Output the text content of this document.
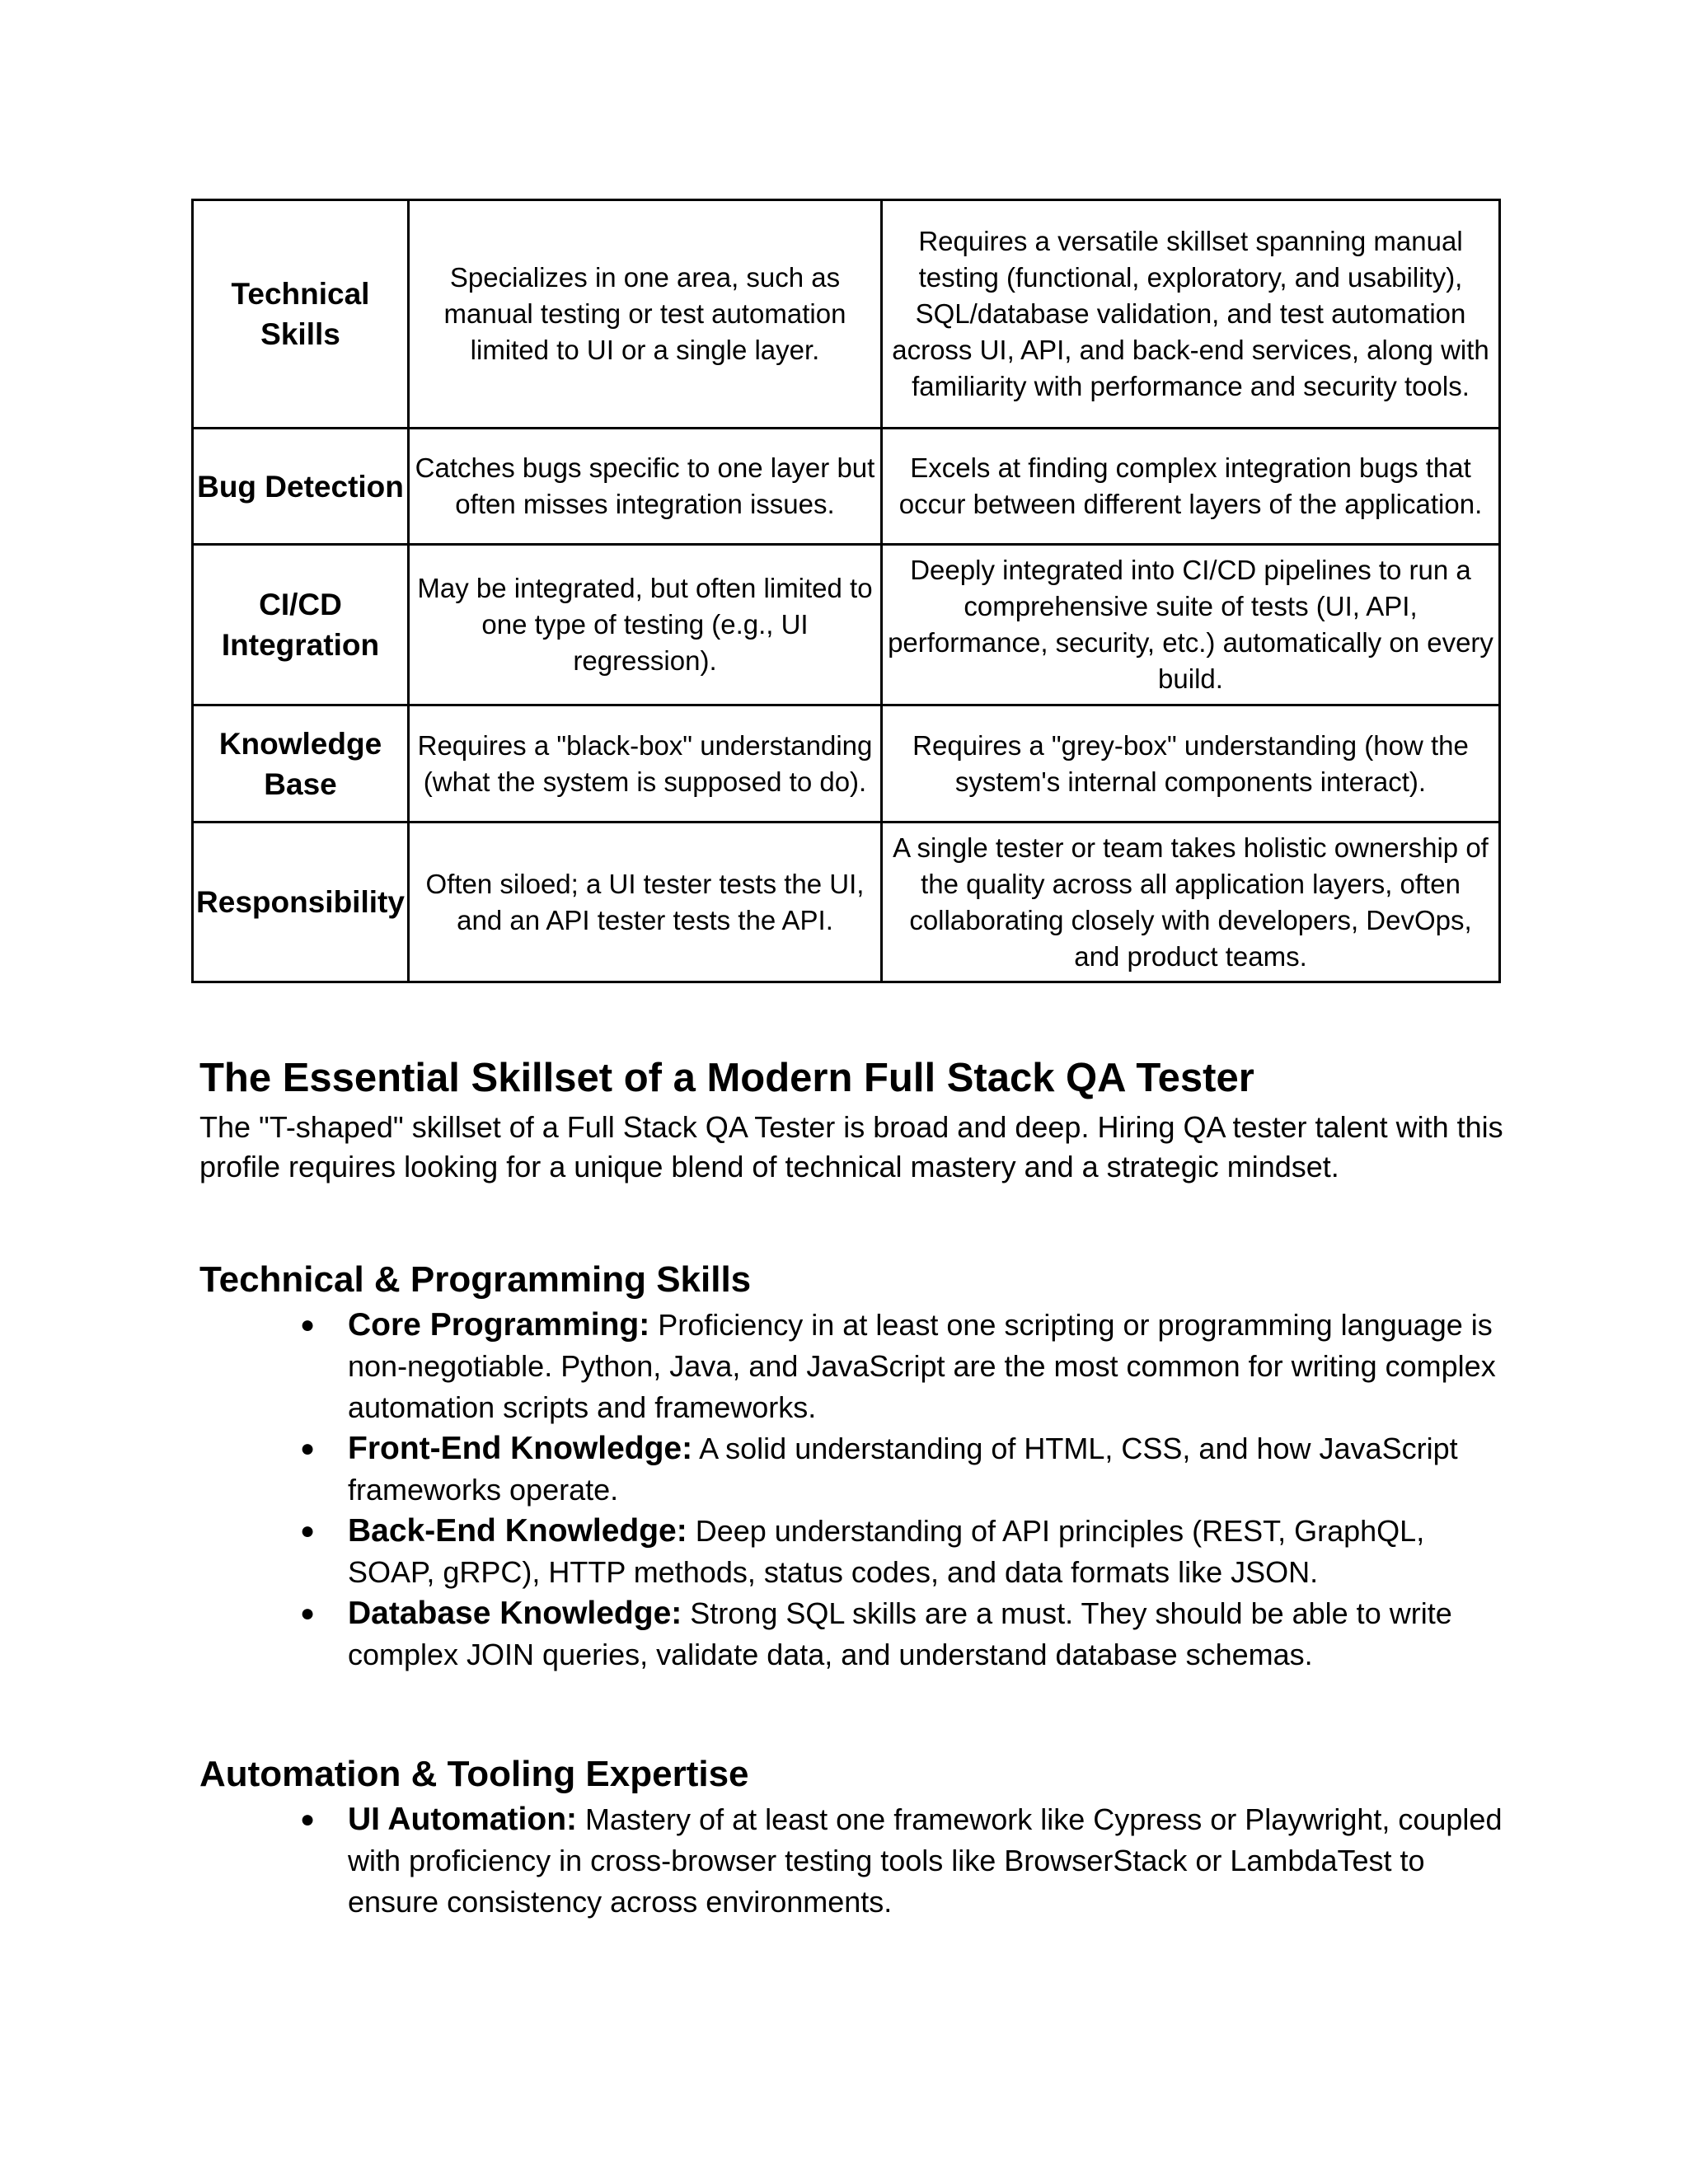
Technical Skills	Specializes in one area, such as manual testing or test automation limited to UI or a single layer.	Requires a versatile skillset spanning manual testing (functional, exploratory, and usability), SQL/database validation, and test automation across UI, API, and back-end services, along with familiarity with performance and security tools.
Bug Detection	Catches bugs specific to one layer but often misses integration issues.	Excels at finding complex integration bugs that occur between different layers of the application.
CI/CD Integration	May be integrated, but often limited to one type of testing (e.g., UI regression).	Deeply integrated into CI/CD pipelines to run a comprehensive suite of tests (UI, API, performance, security, etc.) automatically on every build.
Knowledge Base	Requires a "black-box" understanding (what the system is supposed to do).	Requires a "grey-box" understanding (how the system's internal components interact).
Responsibility	Often siloed; a UI tester tests the UI, and an API tester tests the API.	A single tester or team takes holistic ownership of the quality across all application layers, often collaborating closely with developers, DevOps, and product teams.
The Essential Skillset of a Modern Full Stack QA Tester

The "T-shaped" skillset of a Full Stack QA Tester is broad and deep. Hiring QA tester talent with this profile requires looking for a unique blend of technical mastery and a strategic mindset.

Technical & Programming Skills
● Core Programming: Proficiency in at least one scripting or programming language is non-negotiable. Python, Java, and JavaScript are the most common for writing complex automation scripts and frameworks.
● Front-End Knowledge: A solid understanding of HTML, CSS, and how JavaScript frameworks operate.
● Back-End Knowledge: Deep understanding of API principles (REST, GraphQL, SOAP, gRPC), HTTP methods, status codes, and data formats like JSON.
● Database Knowledge: Strong SQL skills are a must. They should be able to write complex JOIN queries, validate data, and understand database schemas.
Automation & Tooling Expertise
● UI Automation: Mastery of at least one framework like Cypress or Playwright, coupled with proficiency in cross-browser testing tools like BrowserStack or LambdaTest to ensure consistency across environments.
